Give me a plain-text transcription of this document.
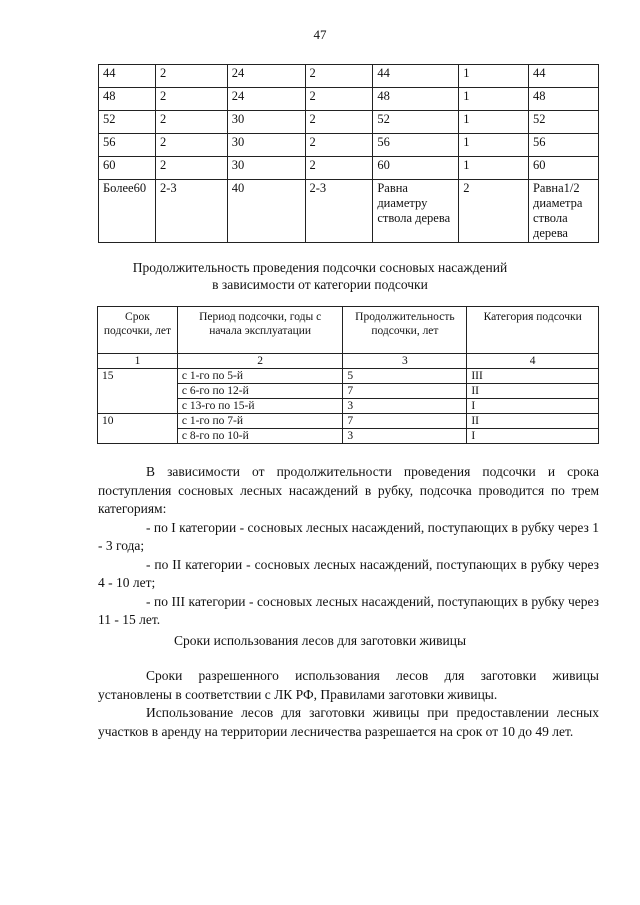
47
44	2	24	2	44	1	44
48	2	24	2	48	1	48
52	2	30	2	52	1	52
56	2	30	2	56	1	56
60	2	30	2	60	1	60
Более60	2-3	40	2-3	Равна диаметру ствола дерева	2	Равна1/2 диаметра ствола дерева
Продолжительность проведения подсочки сосновых насаждений
в зависимости от категории подсочки
Срок подсочки, лет	Период подсочки, годы с начала эксплуатации	Продолжительность подсочки, лет	Категория подсочки
1	2	3	4
15	с 1-го по 5-й	5	III
	с 6-го по 12-й	7	II
	с 13-го по 15-й	3	I
10	с 1-го по 7-й	7	II
	с 8-го по 10-й	3	I

В зависимости от продолжительности проведения подсочки и срока поступления сосновых лесных насаждений в рубку, подсочка проводится по трем категориям:

- по I категории - сосновых лесных насаждений, поступающих в рубку через 1 - 3 года;

- по II категории - сосновых лесных насаждений, поступающих в рубку через 4 - 10 лет;

- по III категории - сосновых лесных насаждений, поступающих в рубку через 11 - 15 лет.

Сроки использования лесов для заготовки живицы

Сроки разрешенного использования лесов для заготовки живицы установлены в соответствии с ЛК РФ, Правилами заготовки живицы.

Использование лесов для заготовки живицы при предоставлении лесных участков в аренду на территории лесничества разрешается на срок от 10 до 49 лет.
